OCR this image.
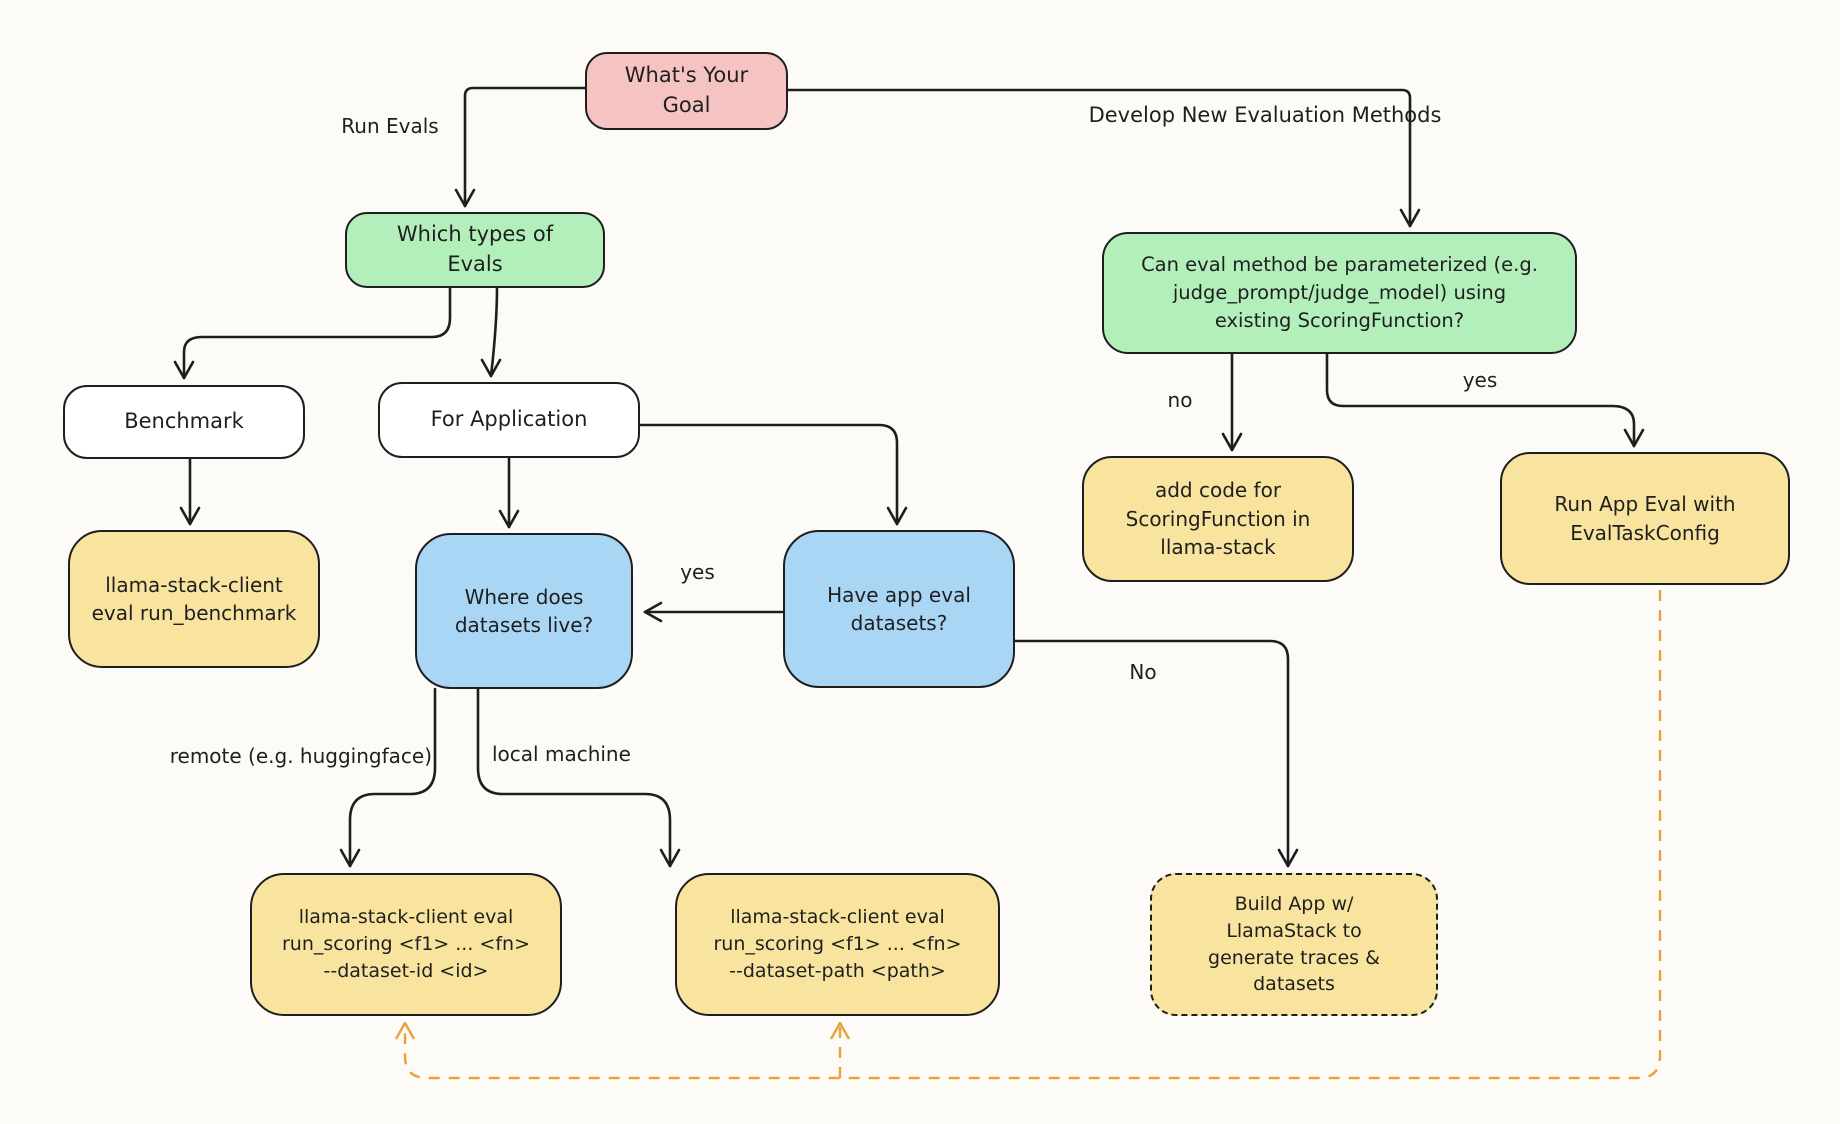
What's Your
Goal
Which types of
Evals	Can eval method be parameterized (e.g.
judge_prompt/judge_model) using
existing ScoringFunction?
Benchmark	For Application
llama-stack-client
eval run_benchmark
Where does
datasets live?
Have app eval
datasets?
add code for
ScoringFunction in
llama-stack
Run App Eval with
EvalTaskConfig
llama-stack-client eval
run_scoring <f1> ... <fn>
--dataset-id <id>
llama-stack-client eval
run_scoring <f1> ... <fn>
--dataset-path <path>
Build App w/
LlamaStack to
generate traces &
datasets
Run Evals	Develop New Evaluation Methods
no
yes
yes
No
remote (e.g. huggingface)	local machine
